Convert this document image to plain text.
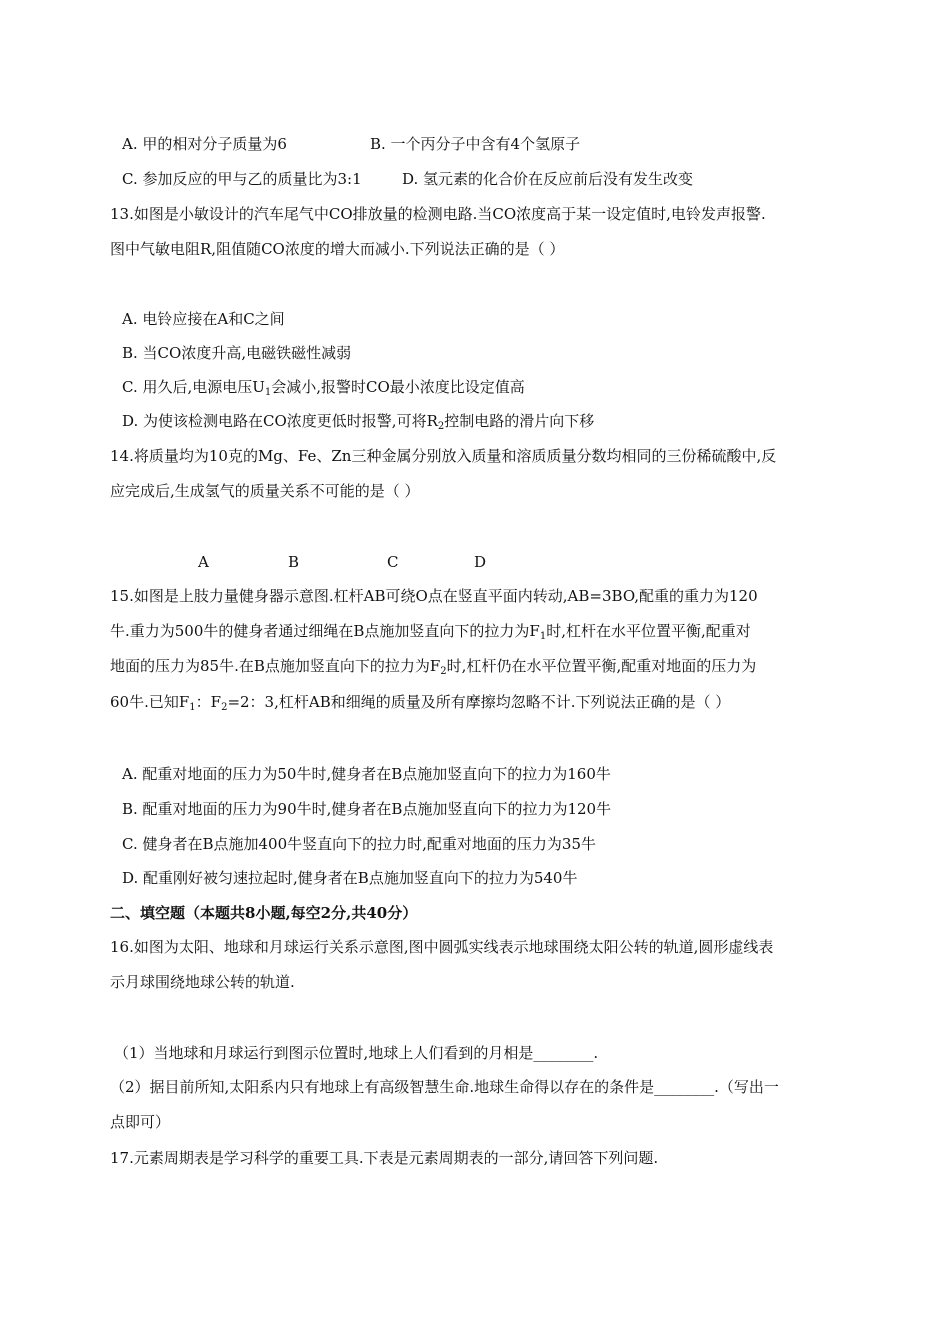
A. 甲的相对分子质量为6	B. 一个丙分子中含有4个氢原子
C. 参加反应的甲与乙的质量比为3:1	D. 氢元素的化合价在反应前后没有发生改变
13.如图是小敏设计的汽车尾气中CO排放量的检测电路.当CO浓度高于某一设定值时,电铃发声报警.
图中气敏电阻R,阻值随CO浓度的增大而减小.下列说法正确的是（ ）
A. 电铃应接在A和C之间
B. 当CO浓度升高,电磁铁磁性减弱
C. 用久后,电源电压$U_1$会减小,报警时CO最小浓度比设定值高
D. 为使该检测电路在CO浓度更低时报警,可将$R_2$控制电路的滑片向下移
14.将质量均为10克的Mg、Fe、Zn三种金属分别放入质量和溶质质量分数均相同的三份稀硫酸中,反
应完成后,生成氢气的质量关系不可能的是（ ）
A	B	C	D
15.如图是上肢力量健身器示意图.杠杆AB可绕O点在竖直平面内转动,AB=3BO,配重的重力为120
牛.重力为500牛的健身者通过细绳在B点施加竖直向下的拉力为$F_1$时,杠杆在水平位置平衡,配重对
地面的压力为85牛.在B点施加竖直向下的拉力为$F_2$时,杠杆仍在水平位置平衡,配重对地面的压力为
60牛.已知$F_1$：$F_2=2$：3,杠杆AB和细绳的质量及所有摩擦均忽略不计.下列说法正确的是（ ）
A. 配重对地面的压力为50牛时,健身者在B点施加竖直向下的拉力为160牛
B. 配重对地面的压力为90牛时,健身者在B点施加竖直向下的拉力为120牛
C. 健身者在B点施加400牛竖直向下的拉力时,配重对地面的压力为35牛
D. 配重刚好被匀速拉起时,健身者在B点施加竖直向下的拉力为540牛
二、填空题（本题共8小题,每空2分,共40分）
16.如图为太阳、地球和月球运行关系示意图,图中圆弧实线表示地球围绕太阳公转的轨道,圆形虚线表
示月球围绕地球公转的轨道.
（1）当地球和月球运行到图示位置时,地球上人们看到的月相是________.
（2）据目前所知,太阳系内只有地球上有高级智慧生命.地球生命得以存在的条件是________.（写出一
点即可）
17.元素周期表是学习科学的重要工具.下表是元素周期表的一部分,请回答下列问题.
